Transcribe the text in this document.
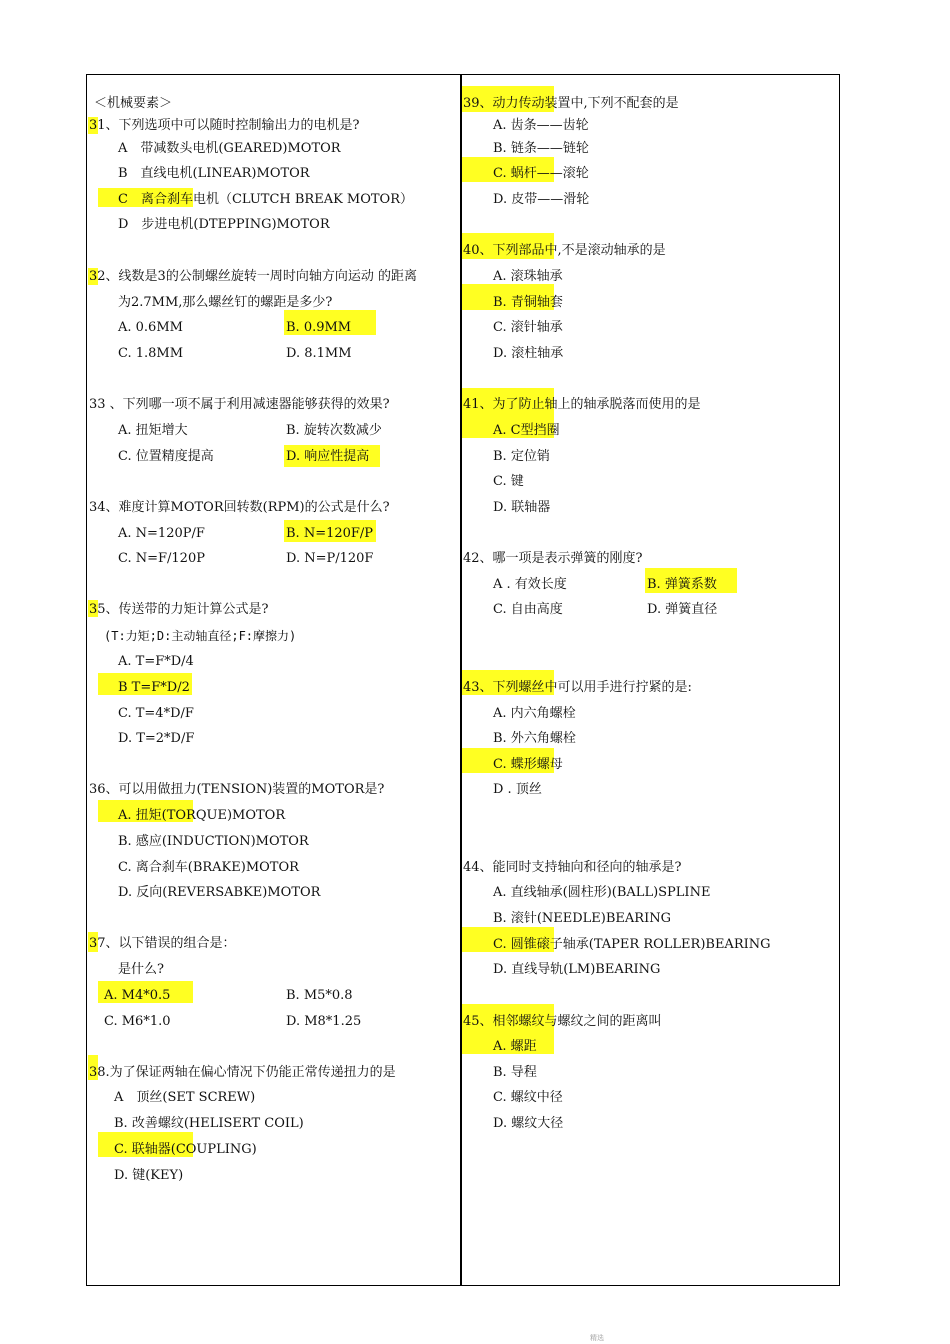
＜机械要素＞
31、下列选项中可以随时控制输出力的电机是?
A　带减数头电机(GEARED)MOTOR
B　直线电机(LINEAR)MOTOR
C　离合刹车电机（CLUTCH BREAK MOTOR）
D　步进电机(DTEPPING)MOTOR
32、线数是3的公制螺丝旋转一周时向轴方向运动 的距离
为2.7MM,那么螺丝钉的螺距是多少?
A. 0.6MM	B. 0.9MM
C. 1.8MM	D. 8.1MM
33 、下列哪一项不属于利用减速器能够获得的效果?
A. 扭矩增大	B. 旋转次数减少
C. 位置精度提高	D. 响应性提高
34、难度计算MOTOR回转数(RPM)的公式是什么?
A. N=120P/F	B. N=120F/P
C. N=F/120P	D. N=P/120F
35、传送带的力矩计算公式是?
(T:力矩;D:主动轴直径;F:摩擦力)
A. T=F*D/4
B T=F*D/2
C. T=4*D/F
D. T=2*D/F
36、可以用做扭力(TENSION)装置的MOTOR是?
A. 扭矩(TORQUE)MOTOR
B. 感应(INDUCTION)MOTOR
C. 离合刹车(BRAKE)MOTOR
D. 反向(REVERSABKE)MOTOR
37、以下错误的组合是：
是什么?
A. M4*0.5	B. M5*0.8
C. M6*1.0	D. M8*1.25
38.为了保证两轴在偏心情况下仍能正常传递扭力的是
A　顶丝(SET SCREW)
B. 改善螺纹(HELISERT COIL)
C. 联轴器(COUPLING)
D. 键(KEY)
39、动力传动装置中,下列不配套的是
A. 齿条——齿轮
B. 链条——链轮
C. 蜗杆——滚轮
D. 皮带——滑轮
40、下列部品中,不是滚动轴承的是
A. 滚珠轴承
B. 青铜轴套
C. 滚针轴承
D. 滚柱轴承
41、为了防止轴上的轴承脱落而使用的是
A. C型挡圈
B. 定位销
C. 键
D. 联轴器
42、哪一项是表示弹簧的刚度?
A . 有效长度	B. 弹簧系数
C. 自由高度	D. 弹簧直径
43、下列螺丝中可以用手进行拧紧的是:
A. 内六角螺栓
B. 外六角螺栓
C. 蝶形螺母
D . 顶丝
44、能同时支持轴向和径向的轴承是?
A. 直线轴承(圆柱形)(BALL)SPLINE
B. 滚针(NEEDLE)BEARING
C. 圆锥磙子轴承(TAPER ROLLER)BEARING
D. 直线导轨(LM)BEARING
45、相邻螺纹与螺纹之间的距离叫
A. 螺距
B. 导程
C. 螺纹中径
D. 螺纹大径
精选
